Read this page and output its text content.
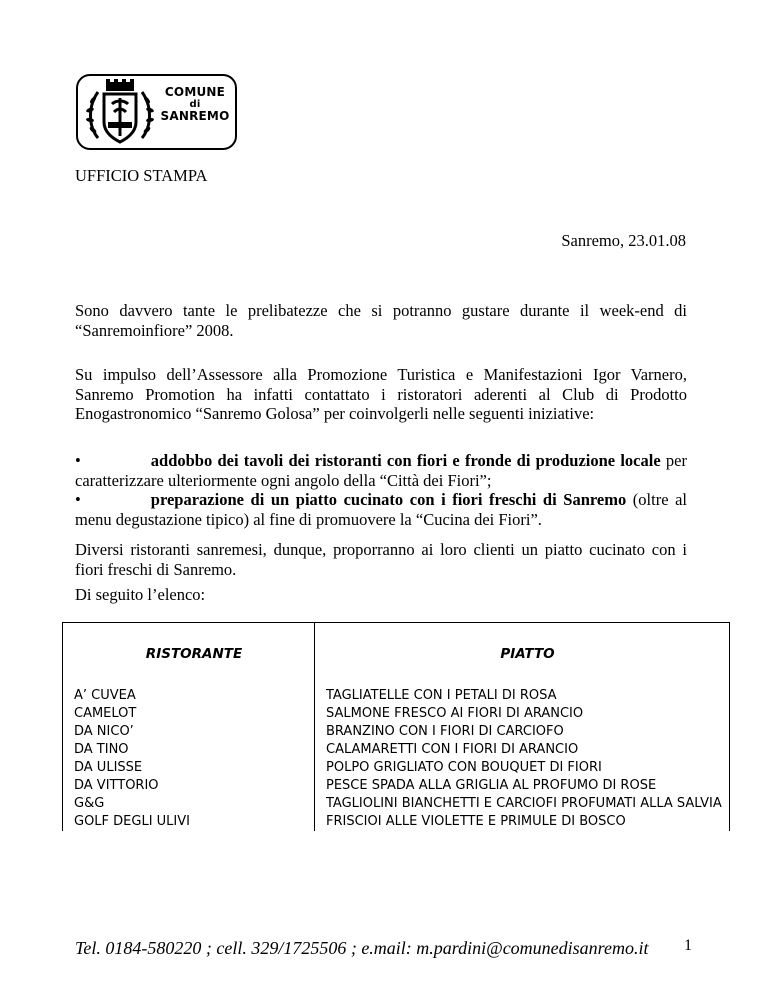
COMUNE
di
SANREMO
UFFICIO STAMPA
Sanremo, 23.01.08
Sono davvero tante le prelibatezze che si potranno gustare durante il week-end di “Sanremoinfiore” 2008.
Su impulso dell’Assessore alla Promozione Turistica e Manifestazioni Igor Varnero, Sanremo Promotion ha infatti contattato i ristoratori aderenti al Club di Prodotto Enogastronomico “Sanremo Golosa” per coinvolgerli nelle seguenti iniziative:
•	addobbo dei tavoli dei ristoranti con fiori e fronde di produzione locale per caratterizzare ulteriormente ogni angolo della “Città dei Fiori”;
•	preparazione di un piatto cucinato con i fiori freschi di Sanremo (oltre al menu degustazione tipico) al fine di promuovere la “Cucina dei Fiori”.
Diversi ristoranti sanremesi, dunque, proporranno ai loro clienti un piatto cucinato con i fiori freschi di Sanremo.
Di seguito l’elenco:
RISTORANTE	PIATTO
A’ CUVEA	TAGLIATELLE CON I PETALI DI ROSA
CAMELOT	SALMONE FRESCO AI FIORI DI ARANCIO
DA NICO’	BRANZINO CON I FIORI DI CARCIOFO
DA TINO	CALAMARETTI CON I FIORI DI ARANCIO
DA ULISSE	POLPO GRIGLIATO CON BOUQUET DI FIORI
DA VITTORIO	PESCE SPADA ALLA GRIGLIA AL PROFUMO DI ROSE
G&G	TAGLIOLINI BIANCHETTI E CARCIOFI PROFUMATI ALLA SALVIA
GOLF DEGLI ULIVI	FRISCIOI ALLE VIOLETTE E PRIMULE DI BOSCO
Tel. 0184-580220 ; cell. 329/1725506 ; e.mail: m.pardini@comunedisanremo.it 1
